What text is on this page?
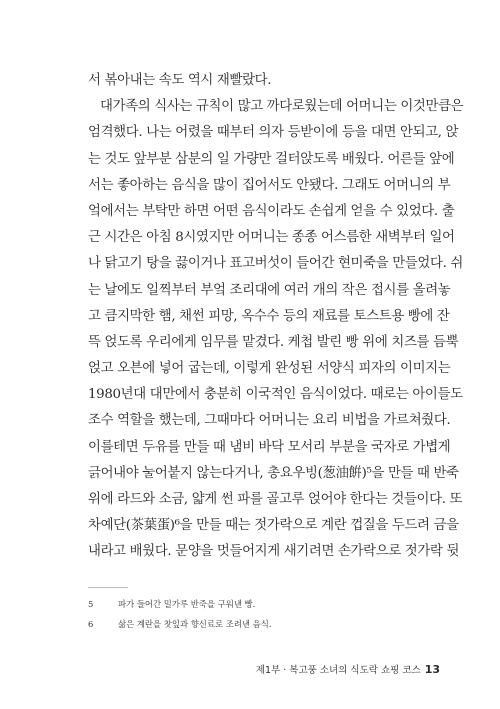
서 볶아내는 속도 역시 재빨랐다.
대가족의 식사는 규칙이 많고 까다로웠는데 어머니는 이것만큼은
엄격했다. 나는 어렸을 때부터 의자 등받이에 등을 대면 안되고, 앉
는 것도 앞부분 삼분의 일 가량만 걸터앉도록 배웠다. 어른들 앞에
서는 좋아하는 음식을 많이 집어서도 안됐다. 그래도 어머니의 부
엌에서는 부탁만 하면 어떤 음식이라도 손쉽게 얻을 수 있었다. 출
근 시간은 아침 8시였지만 어머니는 종종 어스름한 새벽부터 일어
나 닭고기 탕을 끓이거나 표고버섯이 들어간 현미죽을 만들었다. 쉬
는 날에도 일찍부터 부엌 조리대에 여러 개의 작은 접시를 올려놓
고 큼지막한 햄, 채썬 피망, 옥수수 등의 재료를 토스트용 빵에 잔
뜩 얹도록 우리에게 임무를 맡겼다. 케첩 발린 빵 위에 치즈를 듬뿍
얹고 오븐에 넣어 굽는데, 이렇게 완성된 서양식 피자의 이미지는
1980년대 대만에서 충분히 이국적인 음식이었다. 때로는 아이들도
조수 역할을 했는데, 그때마다 어머니는 요리 비법을 가르쳐줬다.
이를테면 두유를 만들 때 냄비 바닥 모서리 부분을 국자로 가볍게
긁어내야 눌어붙지 않는다거나, 총요우빙(葱油餠)⁵을 만들 때 반죽
위에 라드와 소금, 얇게 썬 파를 골고루 얹어야 한다는 것들이다. 또
차예단(茶葉蛋)⁶을 만들 때는 젓가락으로 계란 껍질을 두드려 금을
내라고 배웠다. 문양을 멋들어지게 새기려면 손가락으로 젓가락 뒷
5	파가 들어간 밀가루 반죽을 구워낸 빵.
6	삶은 계란을 찻잎과 향신료로 조려낸 음식.
제1부 · 복고풍 소녀의 식도락 쇼핑 코스 13
